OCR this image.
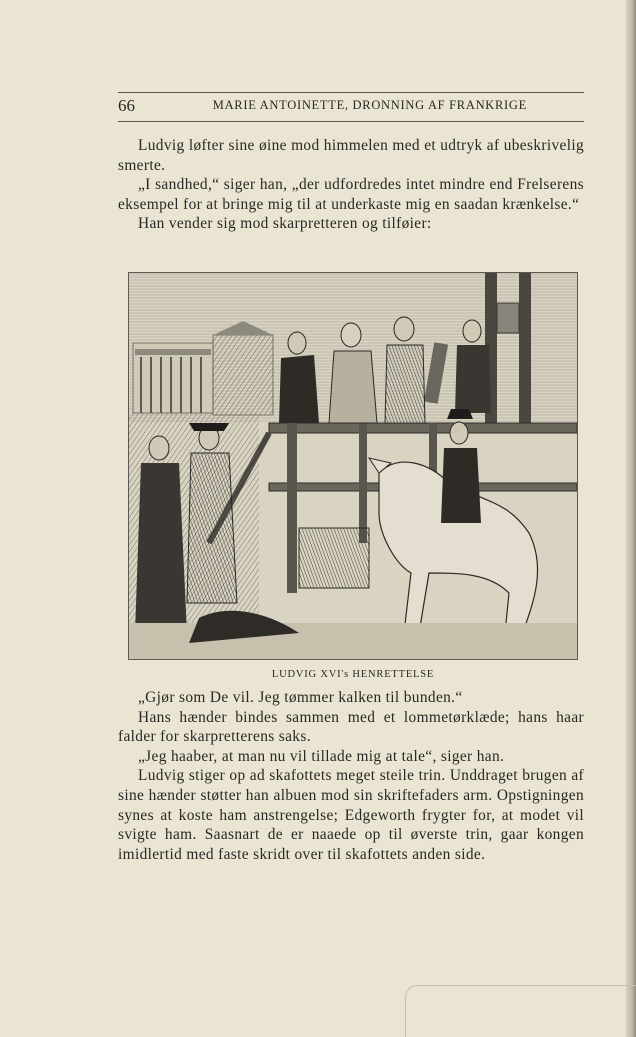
66	MARIE ANTOINETTE, DRONNING AF FRANKRIGE

Ludvig løfter sine øine mod himmelen med et udtryk af ubeskrivelig smerte.

„I sandhed,“ siger han, „der udfordredes intet mindre end Frelserens eksempel for at bringe mig til at underkaste mig en saadan krænkelse.“

Han vender sig mod skarpretteren og tilføier:

LUDVIG XVI's HENRETTELSE

„Gjør som De vil. Jeg tømmer kalken til bunden.“

Hans hænder bindes sammen med et lommetørklæde; hans haar falder for skarpretterens saks.

„Jeg haaber, at man nu vil tillade mig at tale“, siger han.

Ludvig stiger op ad skafottets meget steile trin. Unddraget brugen af sine hænder støtter han albuen mod sin skriftefaders arm. Opstigningen synes at koste ham anstrengelse; Edgeworth frygter for, at modet vil svigte ham. Saasnart de er naaede op til øverste trin, gaar kongen imidlertid med faste skridt over til skafottets anden side.
